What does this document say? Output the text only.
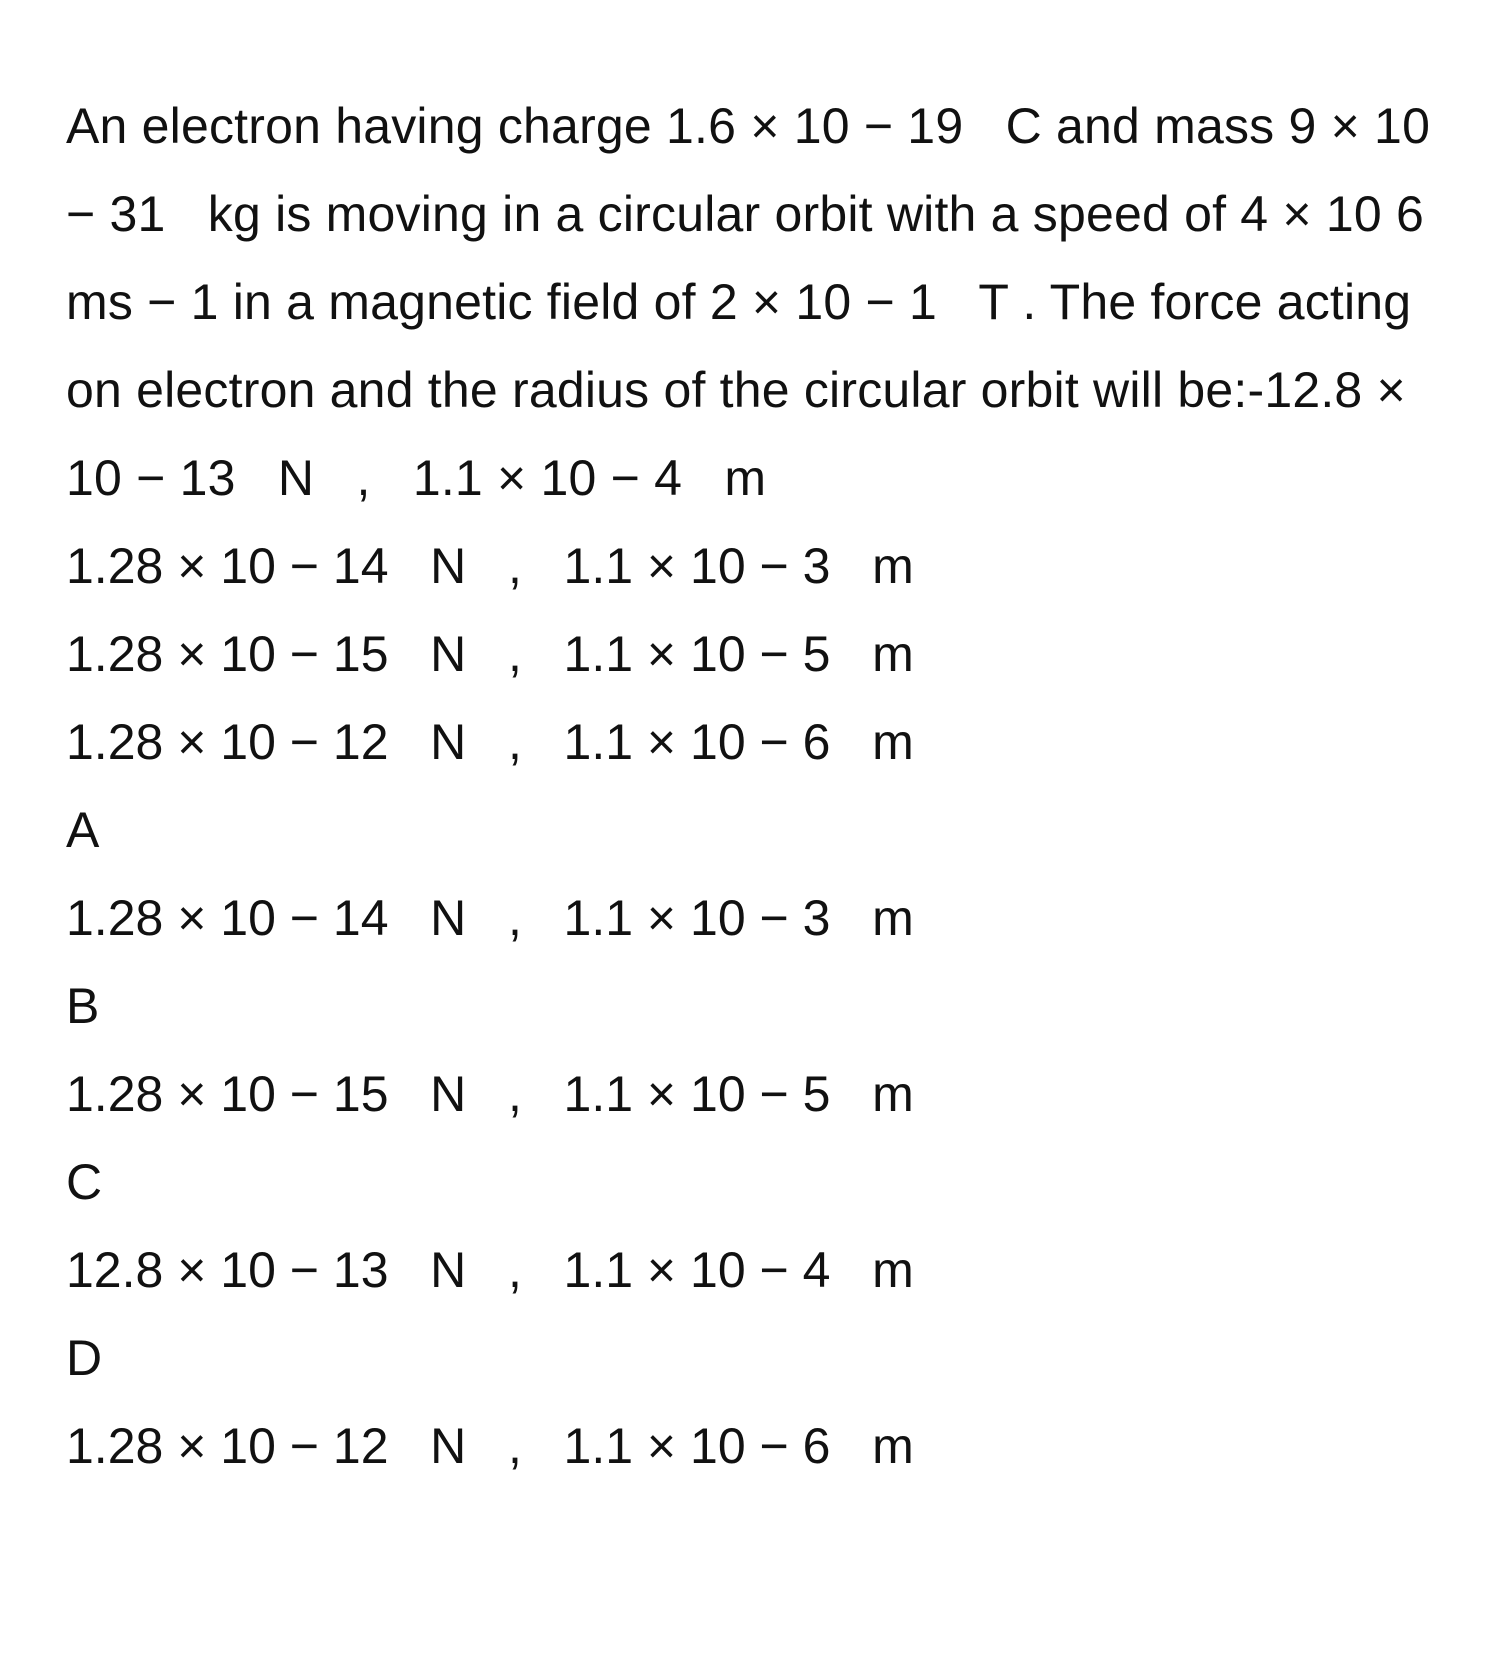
An electron having charge 1.6 × 10 − 19   C and mass 9 × 10 − 31   kg is moving in a circular orbit with a speed of 4 × 10 6   ms − 1 in a magnetic field of 2 × 10 − 1   T . The force acting on electron and the radius of the circular orbit will be:-12.8 × 10 − 13   N   ,   1.1 × 10 − 4   m

1.28 × 10 − 14   N   ,   1.1 × 10 − 3   m
1.28 × 10 − 15   N   ,   1.1 × 10 − 5   m
1.28 × 10 − 12   N   ,   1.1 × 10 − 6   m
A
1.28 × 10 − 14   N   ,   1.1 × 10 − 3   m
B
1.28 × 10 − 15   N   ,   1.1 × 10 − 5   m
C
12.8 × 10 − 13   N   ,   1.1 × 10 − 4   m
D
1.28 × 10 − 12   N   ,   1.1 × 10 − 6   m
